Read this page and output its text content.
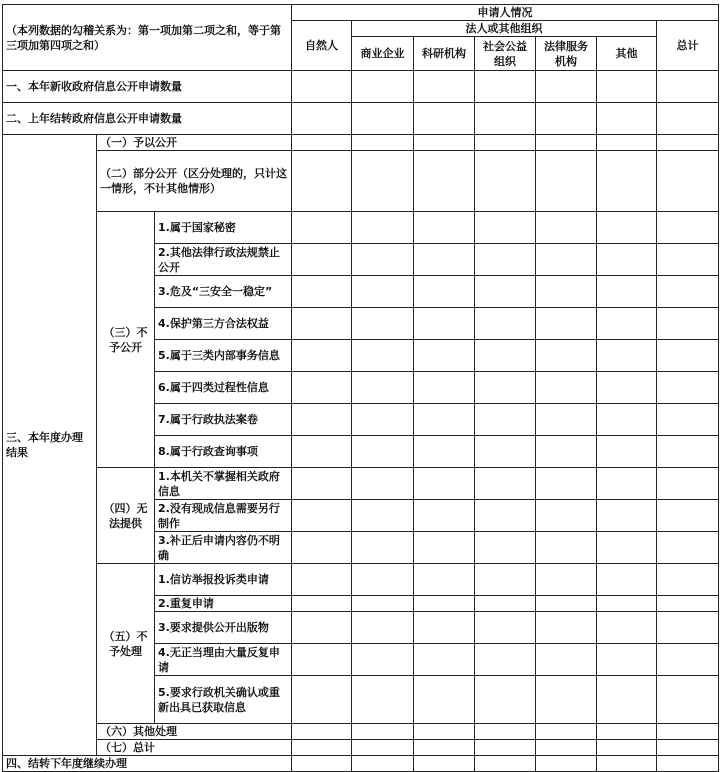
（本列数据的勾稽关系为：第一项加第二项之和，等于第三项加第四项之和）			申请人情况						
			自然人	法人或其他组织					总计
				商业企业	科研机构	社会公益组织	法律服务机构	其他	
一、本年新收政府信息公开申请数量									
二、上年结转政府信息公开申请数量									
三、本年度办理结果	（一）予以公开								
	（二）部分公开（区分处理的，只计这一情形，不计其他情形）								
	（三）不予公开	1.属于国家秘密							
		2.其他法律行政法规禁止公开							
		3.危及“三安全一稳定”							
		4.保护第三方合法权益							
		5.属于三类内部事务信息							
		6.属于四类过程性信息							
		7.属于行政执法案卷							
		8.属于行政查询事项							
	（四）无法提供	1.本机关不掌握相关政府信息							
		2.没有现成信息需要另行制作							
		3.补正后申请内容仍不明确							
	（五）不予处理	1.信访举报投诉类申请							
		2.重复申请							
		3.要求提供公开出版物							
		4.无正当理由大量反复申请							
		5.要求行政机关确认或重新出具已获取信息							
	（六）其他处理								
	（七）总计								
四、结转下年度继续办理									
